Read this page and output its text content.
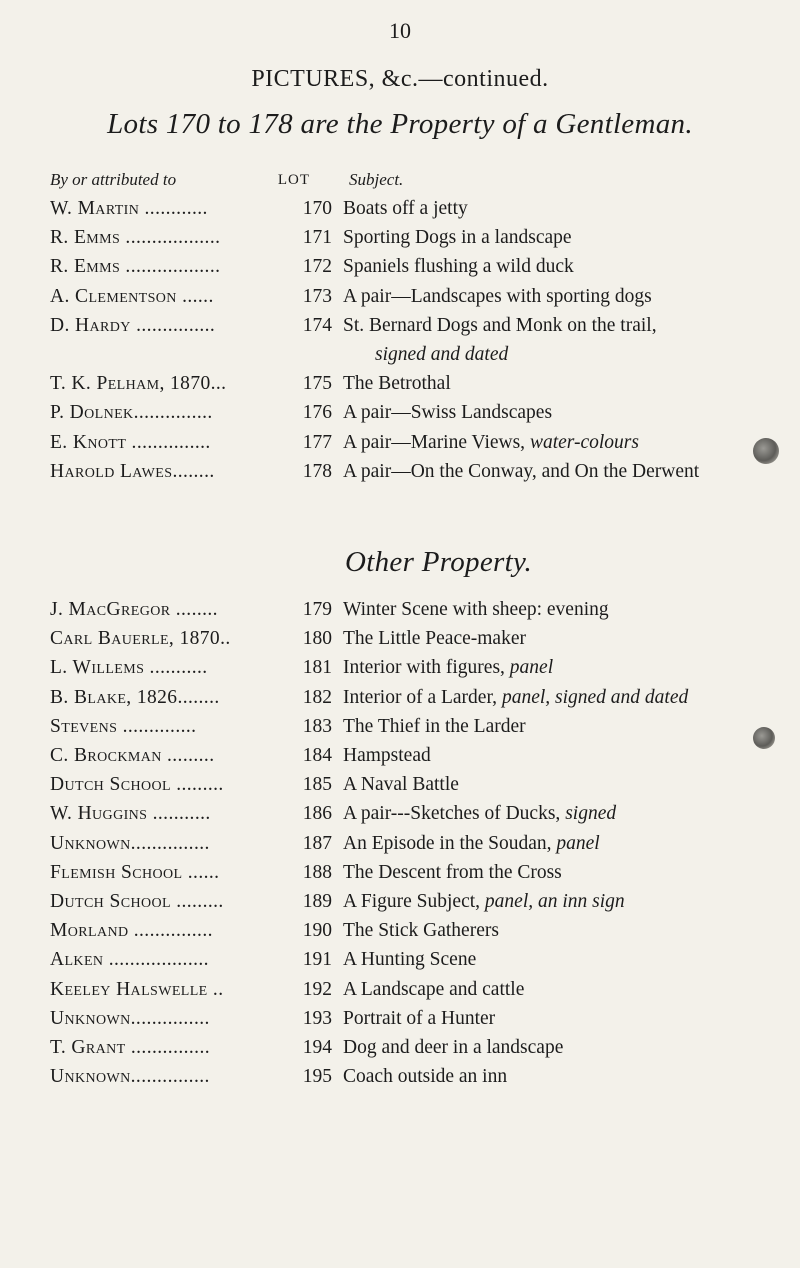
10
PICTURES, &c.—continued.
Lots 170 to 178 are the Property of a Gentleman.
By or attributed to	LOT	Subject.
W. Martin ............	170 Boats off a jetty
R. Emms ..................	171 Sporting Dogs in a landscape
R. Emms ..................	172 Spaniels flushing a wild duck
A. Clementson ......	173 A pair—Landscapes with sporting dogs
D. Hardy ...............	174 St. Bernard Dogs and Monk on the trail,
signed and dated
T. K. Pelham, 1870...	175 The Betrothal
P. Dolnek...............	176 A pair—Swiss Landscapes
E. Knott ...............	177 A pair—Marine Views, water-colours
Harold Lawes........	178 A pair—On the Conway, and On the Derwent
Other Property.
J. MacGregor ........	179 Winter Scene with sheep: evening
Carl Bauerle, 1870..	180 The Little Peace-maker
L. Willems ...........	181 Interior with figures, panel
B. Blake, 1826........	182 Interior of a Larder, panel, signed and dated
Stevens ..............	183 The Thief in the Larder
C. Brockman .........	184 Hampstead
Dutch School .........	185 A Naval Battle
W. Huggins ...........	186 A pair---Sketches of Ducks, signed
Unknown...............	187 An Episode in the Soudan, panel
Flemish School ......	188 The Descent from the Cross
Dutch School .........	189 A Figure Subject, panel, an inn sign
Morland ...............	190 The Stick Gatherers
Alken ...................	191 A Hunting Scene
Keeley Halswelle ..	192 A Landscape and cattle
Unknown...............	193 Portrait of a Hunter
T. Grant ...............	194 Dog and deer in a landscape
Unknown...............	195 Coach outside an inn
